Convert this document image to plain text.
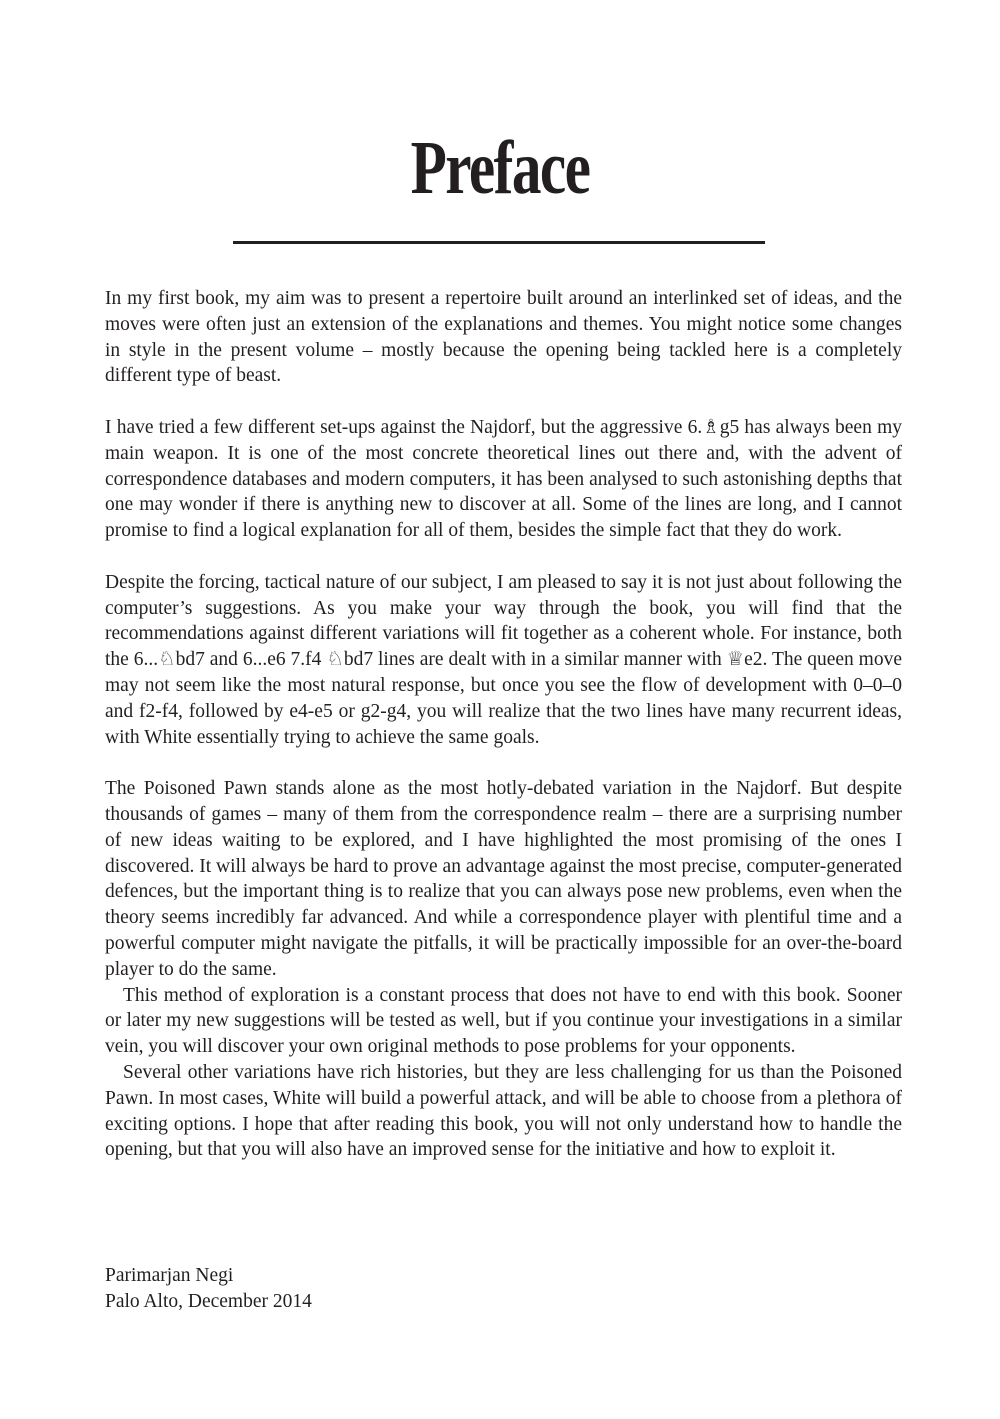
Preface

In my first book, my aim was to present a repertoire built around an interlinked set of ideas, and the moves were often just an extension of the explanations and themes. You might notice some changes in style in the present volume – mostly because the opening being tackled here is a completely different type of beast.

I have tried a few different set-ups against the Najdorf, but the aggressive 6.♗g5 has always been my main weapon. It is one of the most concrete theoretical lines out there and, with the advent of correspondence databases and modern computers, it has been analysed to such astonishing depths that one may wonder if there is anything new to discover at all. Some of the lines are long, and I cannot promise to find a logical explanation for all of them, besides the simple fact that they do work.

Despite the forcing, tactical nature of our subject, I am pleased to say it is not just about following the computer’s suggestions. As you make your way through the book, you will find that the recommendations against different variations will fit together as a coherent whole. For instance, both the 6...♘bd7 and 6...e6 7.f4 ♘bd7 lines are dealt with in a similar manner with ♕e2. The queen move may not seem like the most natural response, but once you see the flow of development with 0–0–0 and f2-f4, followed by e4-e5 or g2-g4, you will realize that the two lines have many recurrent ideas, with White essentially trying to achieve the same goals.

The Poisoned Pawn stands alone as the most hotly-debated variation in the Najdorf. But despite thousands of games – many of them from the correspondence realm – there are a surprising number of new ideas waiting to be explored, and I have highlighted the most promising of the ones I discovered. It will always be hard to prove an advantage against the most precise, computer-generated defences, but the important thing is to realize that you can always pose new problems, even when the theory seems incredibly far advanced. And while a correspondence player with plentiful time and a powerful computer might navigate the pitfalls, it will be practically impossible for an over-the-board player to do the same.

This method of exploration is a constant process that does not have to end with this book. Sooner or later my new suggestions will be tested as well, but if you continue your investigations in a similar vein, you will discover your own original methods to pose problems for your opponents.

Several other variations have rich histories, but they are less challenging for us than the Poisoned Pawn. In most cases, White will build a powerful attack, and will be able to choose from a plethora of exciting options. I hope that after reading this book, you will not only understand how to handle the opening, but that you will also have an improved sense for the initiative and how to exploit it.

Parimarjan Negi
Palo Alto, December 2014
